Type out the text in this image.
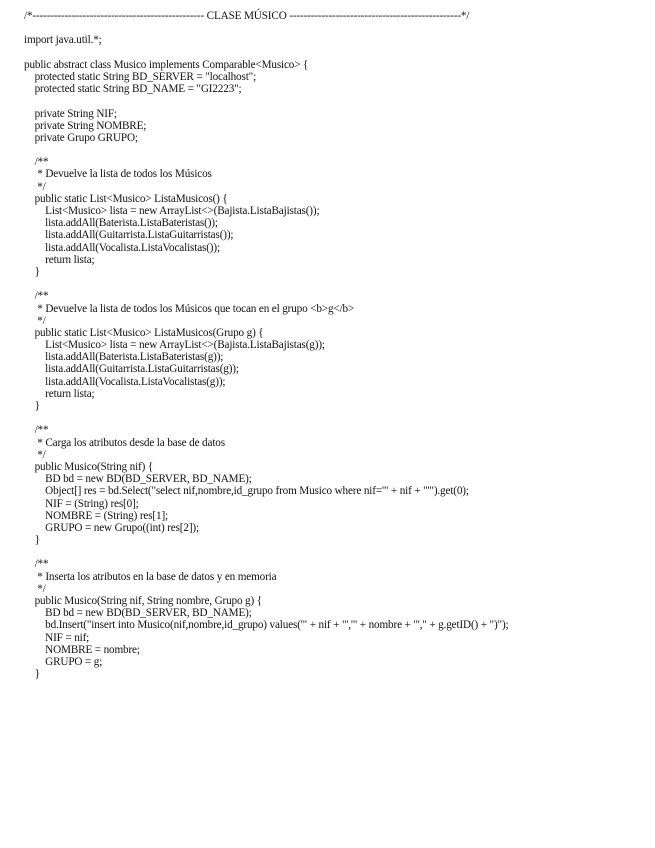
/*------------------------------------------------ CLASE MÚSICO ------------------------------------------------*/
import java.util.*;
public abstract class Musico implements Comparable<Musico> {
protected static String BD_SERVER = "localhost";
protected static String BD_NAME = "GI2223";
private String NIF;
private String NOMBRE;
private Grupo GRUPO;
/**
* Devuelve la lista de todos los Músicos
*/
public static List<Musico> ListaMusicos() {
List<Musico> lista = new ArrayList<>(Bajista.ListaBajistas());
lista.addAll(Baterista.ListaBateristas());
lista.addAll(Guitarrista.ListaGuitarristas());
lista.addAll(Vocalista.ListaVocalistas());
return lista;
}
/**
* Devuelve la lista de todos los Músicos que tocan en el grupo <b>g</b>
*/
public static List<Musico> ListaMusicos(Grupo g) {
List<Musico> lista = new ArrayList<>(Bajista.ListaBajistas(g));
lista.addAll(Baterista.ListaBateristas(g));
lista.addAll(Guitarrista.ListaGuitarristas(g));
lista.addAll(Vocalista.ListaVocalistas(g));
return lista;
}
/**
* Carga los atributos desde la base de datos
*/
public Musico(String nif) {
BD bd = new BD(BD_SERVER, BD_NAME);
Object[] res = bd.Select("select nif,nombre,id_grupo from Musico where nif='" + nif + "'").get(0);
NIF = (String) res[0];
NOMBRE = (String) res[1];
GRUPO = new Grupo((int) res[2]);
}
/**
* Inserta los atributos en la base de datos y en memoria
*/
public Musico(String nif, String nombre, Grupo g) {
BD bd = new BD(BD_SERVER, BD_NAME);
bd.Insert("insert into Musico(nif,nombre,id_grupo) values('" + nif + "','" + nombre + "'," + g.getID() + ")");
NIF = nif;
NOMBRE = nombre;
GRUPO = g;
}
